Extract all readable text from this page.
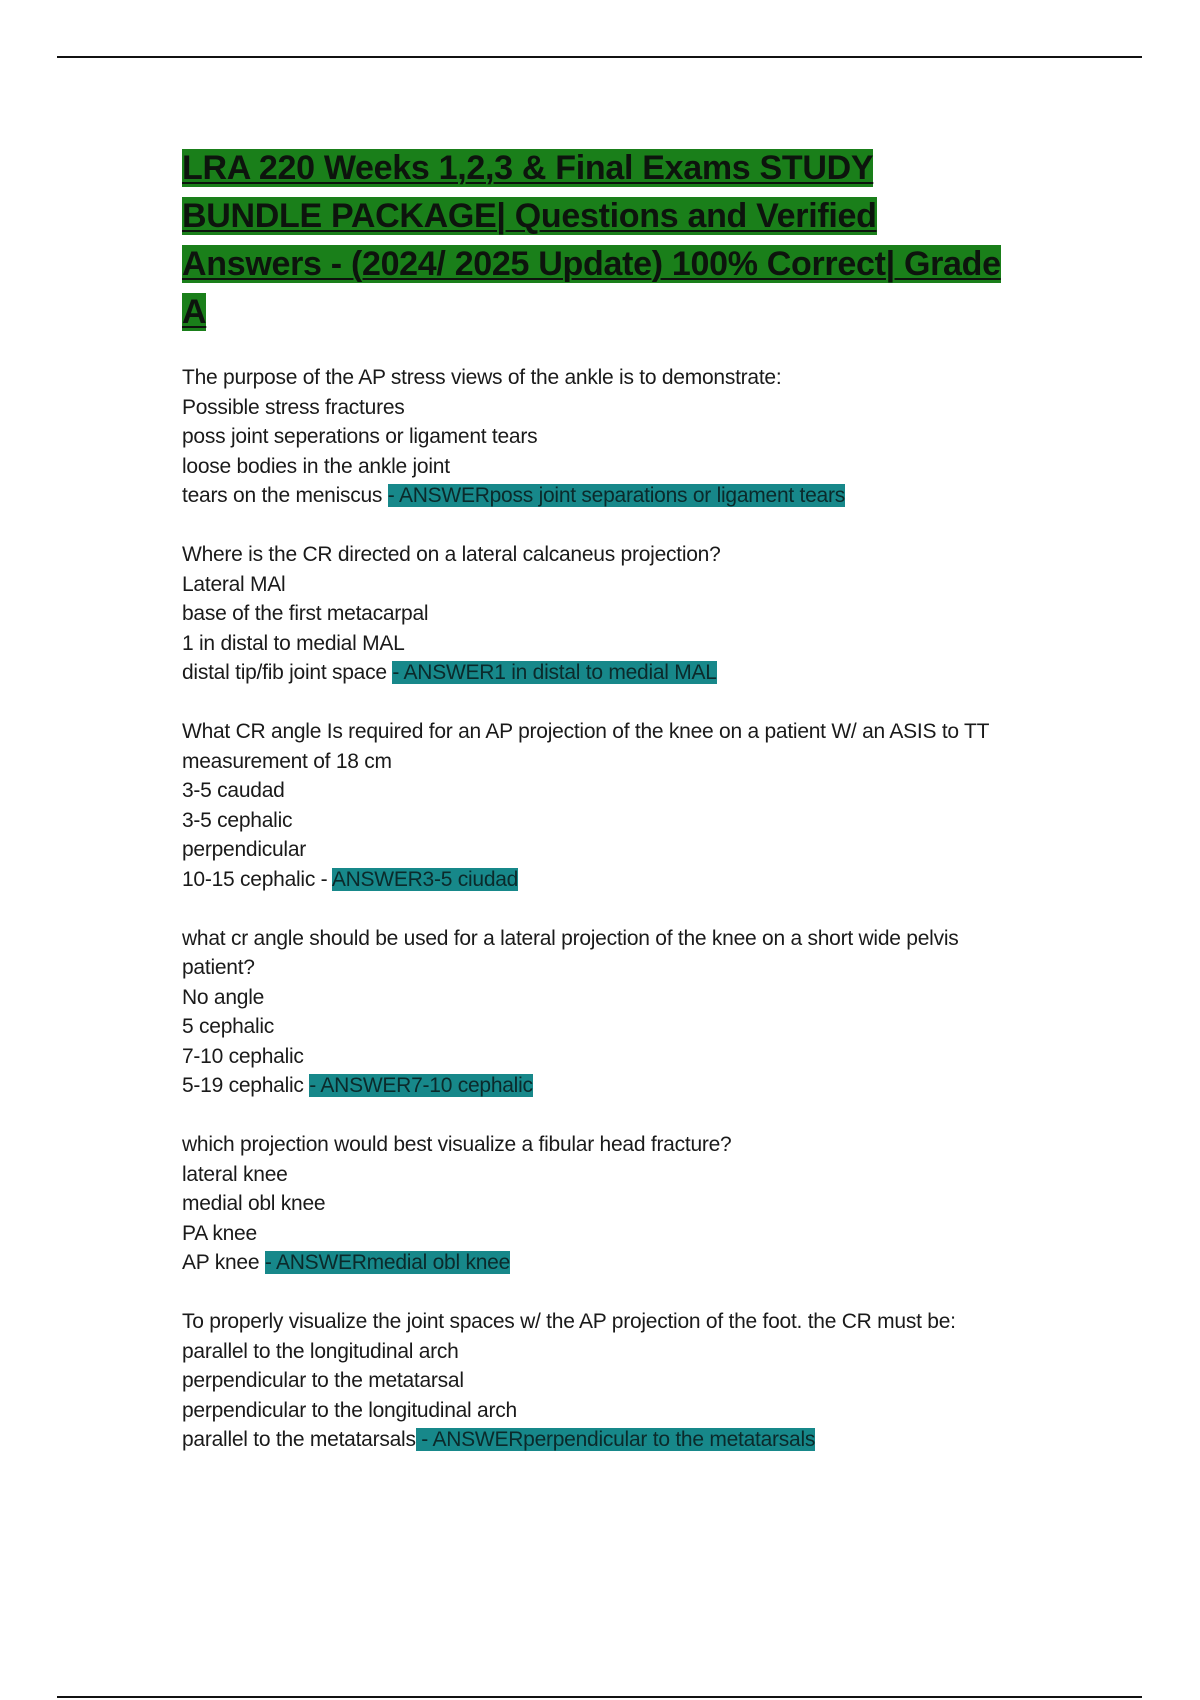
LRA 220 Weeks 1,2,3 & Final Exams STUDY BUNDLE PACKAGE| Questions and Verified Answers - (2024/ 2025 Update) 100% Correct| Grade A
The purpose of the AP stress views of the ankle is to demonstrate:
Possible stress fractures
poss joint seperations or ligament tears
loose bodies in the ankle joint
tears on the meniscus - ANSWERposs joint separations or ligament tears
Where is the CR directed on a lateral calcaneus projection?
Lateral MAl
base of the first metacarpal
1 in distal to medial MAL
distal tip/fib joint space - ANSWER1 in distal to medial MAL
What CR angle Is required for an AP projection of the knee on a patient W/ an ASIS to TT measurement of 18 cm
3-5 caudad
3-5 cephalic
perpendicular
10-15 cephalic - ANSWER3-5 ciudad
what cr angle should be used for a lateral projection of the knee on a short wide pelvis patient?
No angle
5 cephalic
7-10 cephalic
5-19 cephalic - ANSWER7-10 cephalic
which projection would best visualize a fibular head fracture?
lateral knee
medial obl knee
PA knee
AP knee - ANSWERmedial obl knee
To properly visualize the joint spaces w/ the AP projection of the foot. the CR must be:
parallel to the longitudinal arch
perpendicular to the metatarsal
perpendicular to the longitudinal arch
parallel to the metatarsals - ANSWERperpendicular to the metatarsals
